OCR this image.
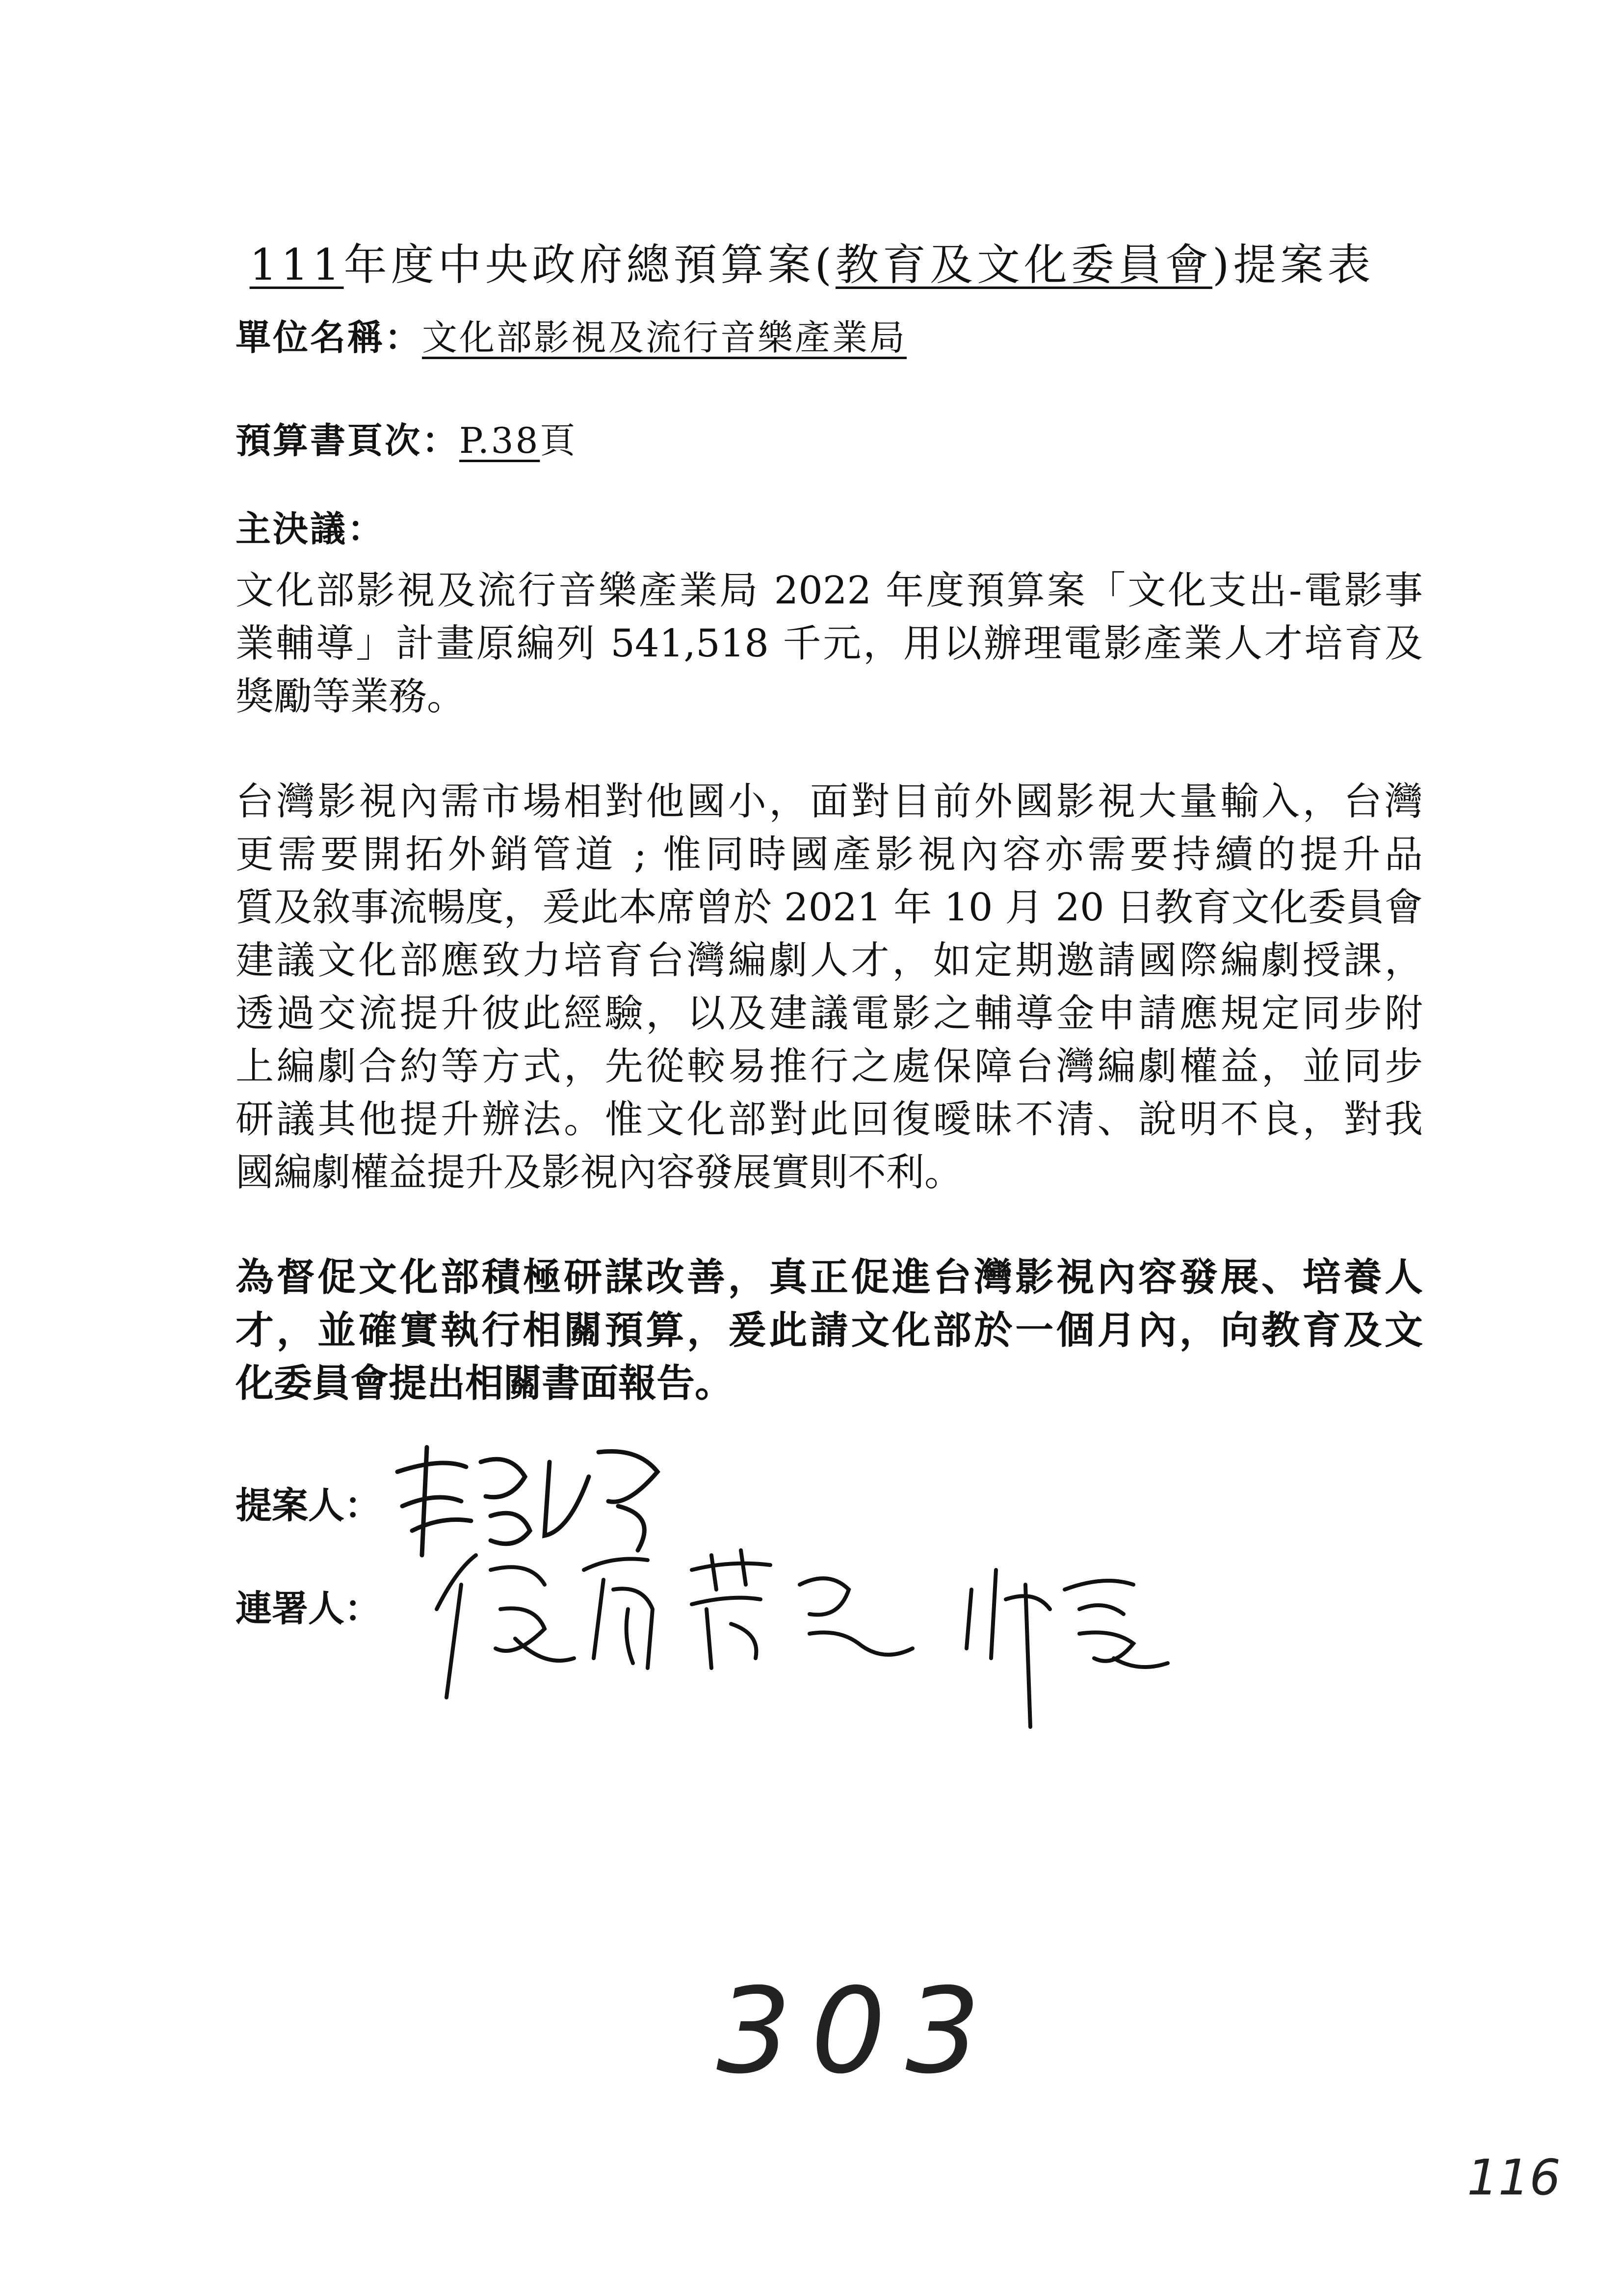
111年度中央政府總預算案(教育及文化委員會)提案表
單位名稱：文化部影視及流行音樂產業局
預算書頁次：P.38頁
主決議：
文化部影視及流行音樂產業局 2022 年度預算案「文化支出-電影事
業輔導」計畫原編列 541,518 千元，用以辦理電影產業人才培育及
獎勵等業務。
台灣影視內需市場相對他國小，面對目前外國影視大量輸入，台灣
更需要開拓外銷管道 ; 惟同時國產影視內容亦需要持續的提升品
質及敘事流暢度，爰此本席曾於 2021 年 10 月 20 日教育文化委員會
建議文化部應致力培育台灣編劇人才，如定期邀請國際編劇授課，
透過交流提升彼此經驗，以及建議電影之輔導金申請應規定同步附
上編劇合約等方式，先從較易推行之處保障台灣編劇權益，並同步
研議其他提升辦法。惟文化部對此回復曖昧不清、說明不良，對我
國編劇權益提升及影視內容發展實則不利。
為督促文化部積極研謀改善，真正促進台灣影視內容發展、培養人
才，並確實執行相關預算，爰此請文化部於一個月內，向教育及文
化委員會提出相關書面報告。
提案人：
連署人：
303
116
